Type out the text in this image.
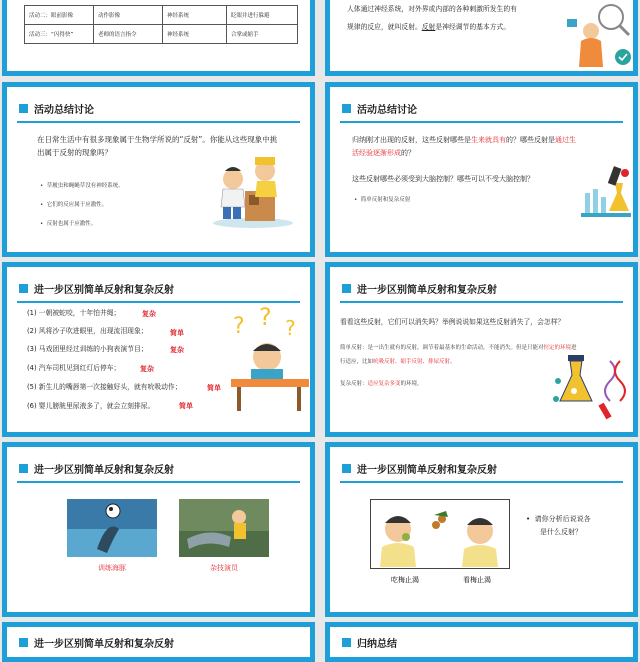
活动二：眼前影像	动作影像	神经系统	眨眼并进行躲避
活动三：“闪得快”	老师的语言指令	神经系统	合掌或缩手
人体通过神经系统，对外界或内部的各种刺激所发生的有
规律的反应，就叫反射。反射是神经调节的基本方式。
活动总结讨论
在日常生活中有很多现象属于生物学所说的“反射”。你能从这些现象中挑出属于反射的现象吗？
•  草履虫和蝇蝇草没有神经系统。
•  它们的反应属于应激性。
•  反射也属于应激性。
活动总结讨论
归纳刚才出现的反射，这些反射哪些是生来就具有的？哪些反射是通过生活经验逐渐形成的？
这些反射哪些必须受到大脑控制？哪些可以不受大脑控制？
•  简单反射和复杂反射
进一步区别简单反射和复杂反射
(1) 一朝被蛇咬，十年怕井绳；	复杂
(2) 风将沙子吹进眼里，出现流泪现象；	简单
(3) 马戏团里经过训练的小狗表演节目；	复杂
(4) 汽车司机见到红灯后停车；	复杂
(5) 新生儿的嘴唇第一次接触好头，就有吮吸动作；	简单
(6) 婴儿膀胱里尿液多了，就会立刻排尿。	简单
? ? ?
进一步区别简单反射和复杂反射
看看这些反射，它们可以消失吗？举例说说如果这些反射消失了，会怎样？
简单反射：是一出生就有的反射，调节着最基本的生命活动，不能消失。但是只能对恒定的环境进
行适应，比如吮吸反射、缩手反射、排尿反射。
复杂反射：适应复杂多变的环境。
进一步区别简单反射和复杂反射
训练海豚	杂技演员
进一步区别简单反射和复杂反射
吃梅止渴	看梅止渴
•  请你分析后说说各
是什么反射？
进一步区别简单反射和复杂反射	归纳总结
